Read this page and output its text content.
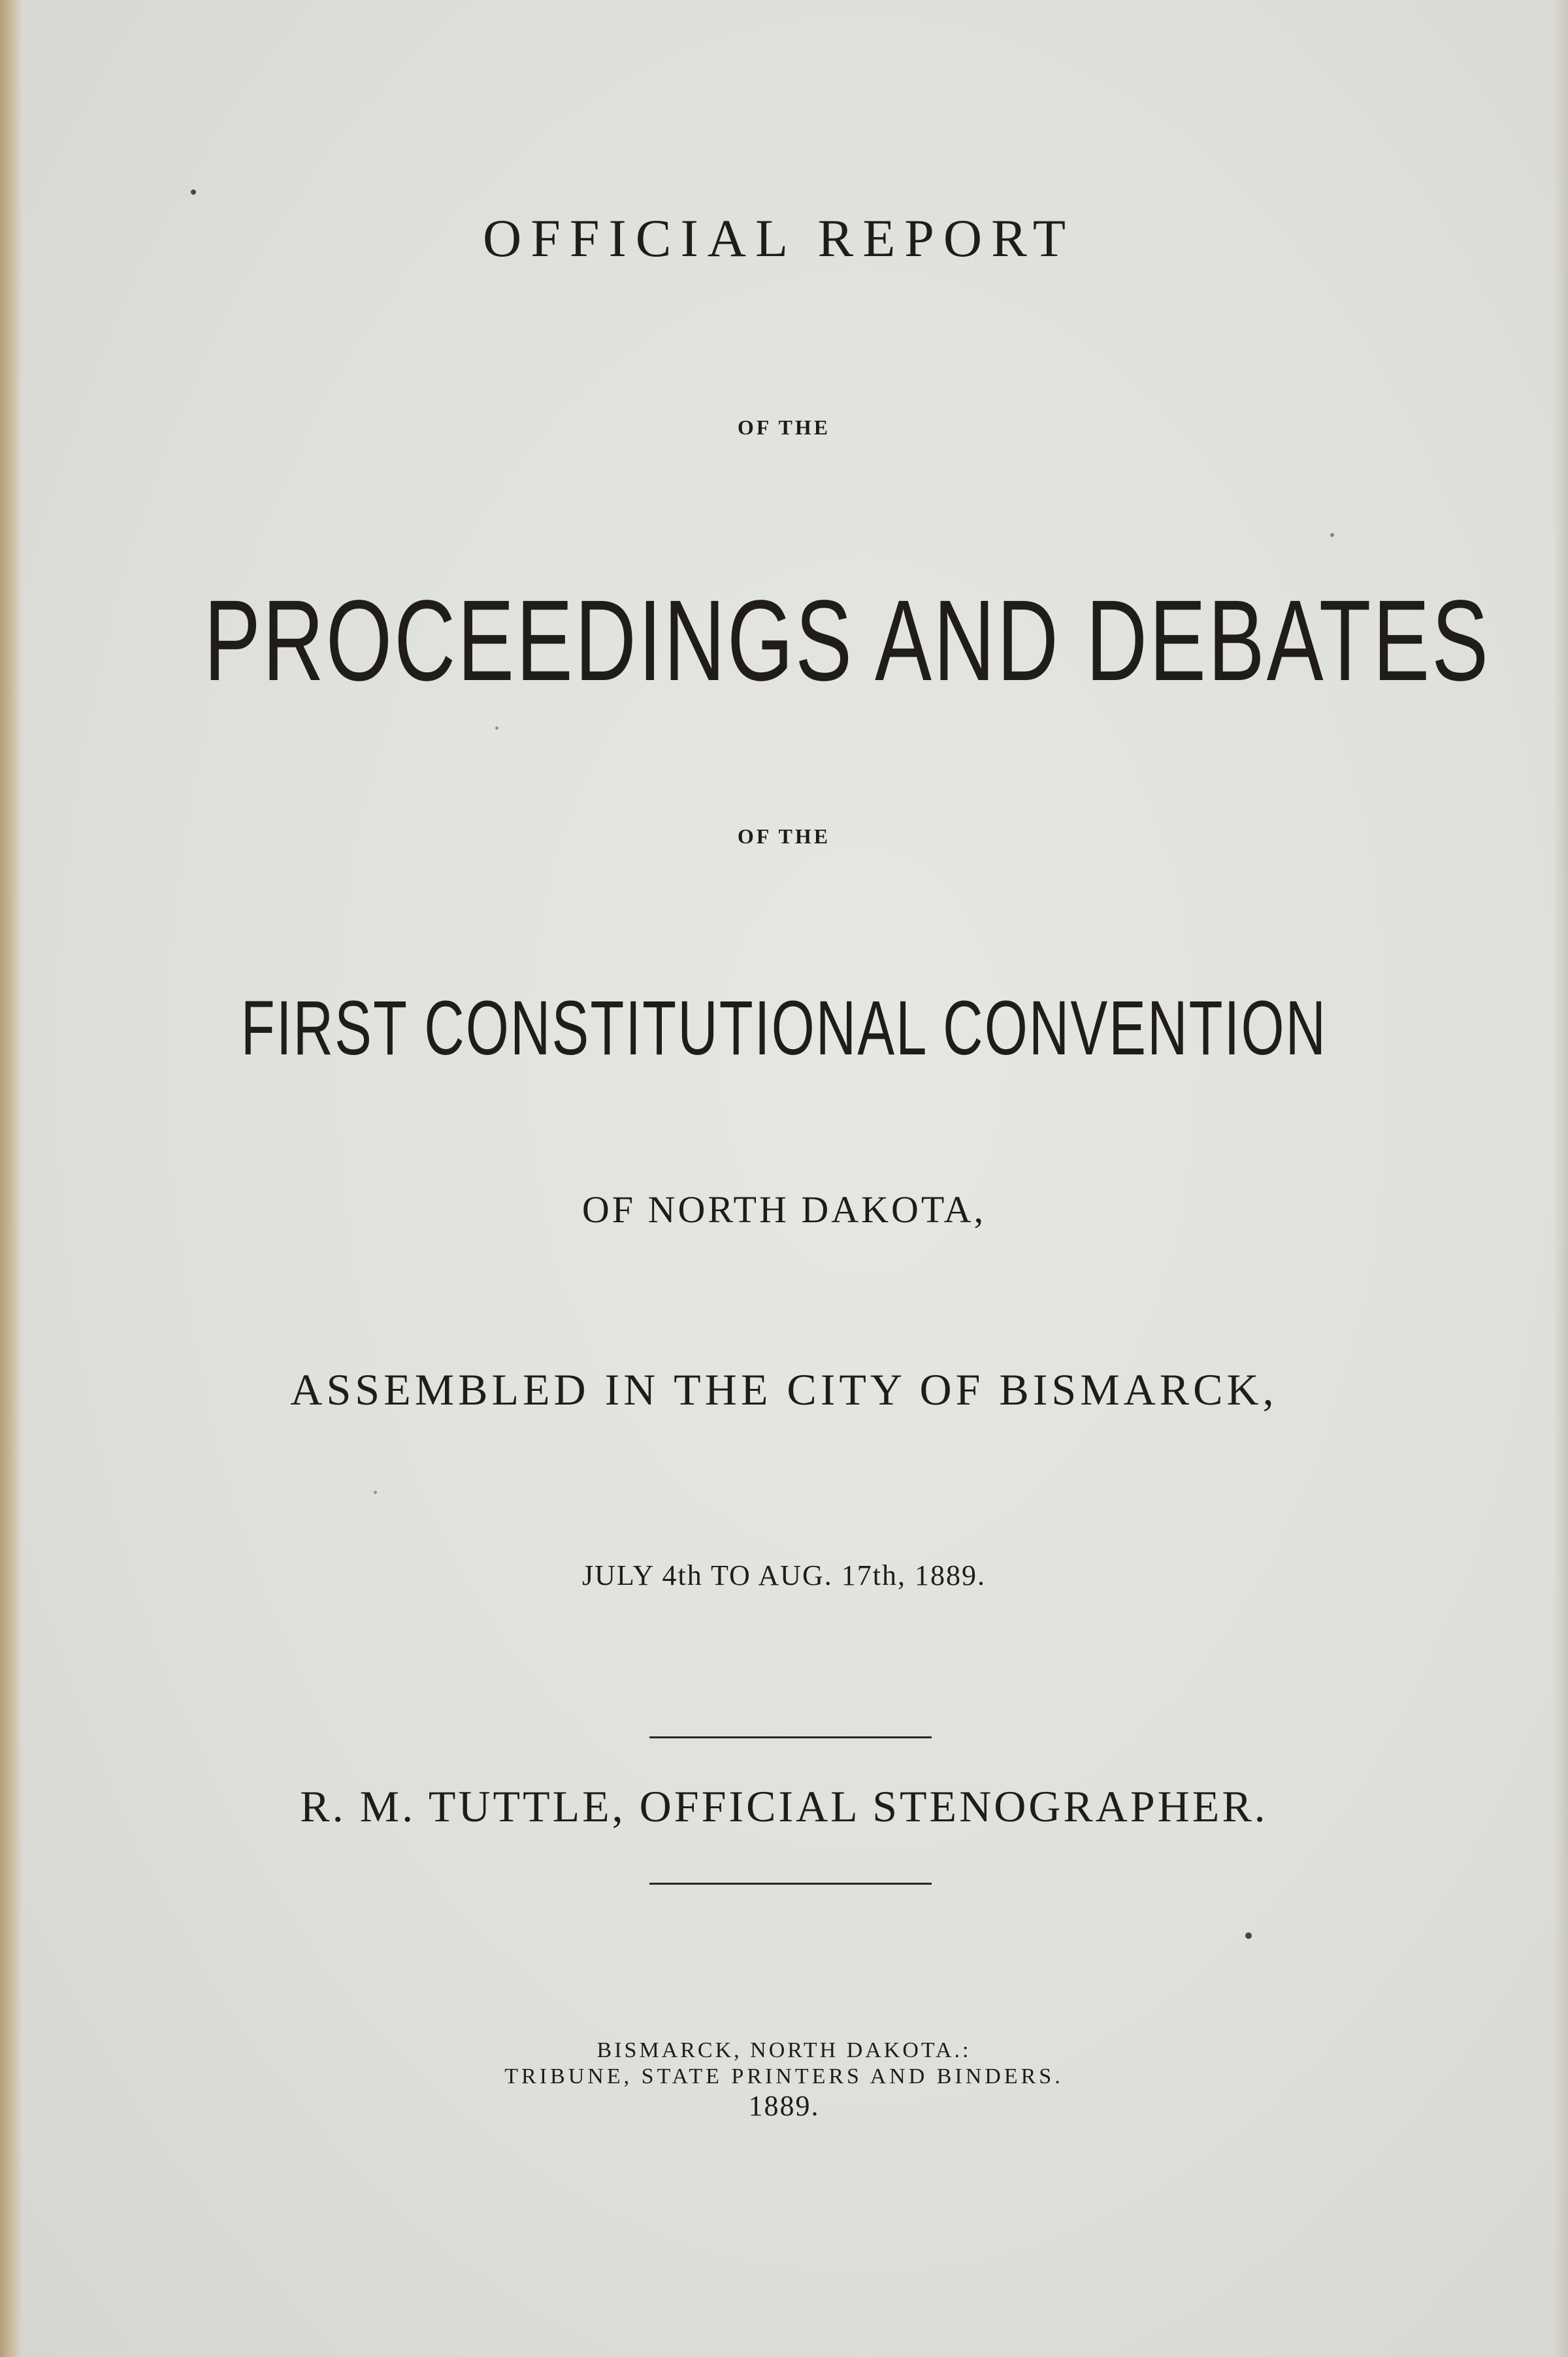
OFFICIAL REPORT
OF THE
PROCEEDINGS AND DEBATES
OF THE
FIRST CONSTITUTIONAL CONVENTION
OF NORTH DAKOTA,
ASSEMBLED IN THE CITY OF BISMARCK,
JULY 4th TO AUG. 17th, 1889.
R. M. TUTTLE, OFFICIAL STENOGRAPHER.
BISMARCK, NORTH DAKOTA.:
TRIBUNE, STATE PRINTERS AND BINDERS.
1889.
